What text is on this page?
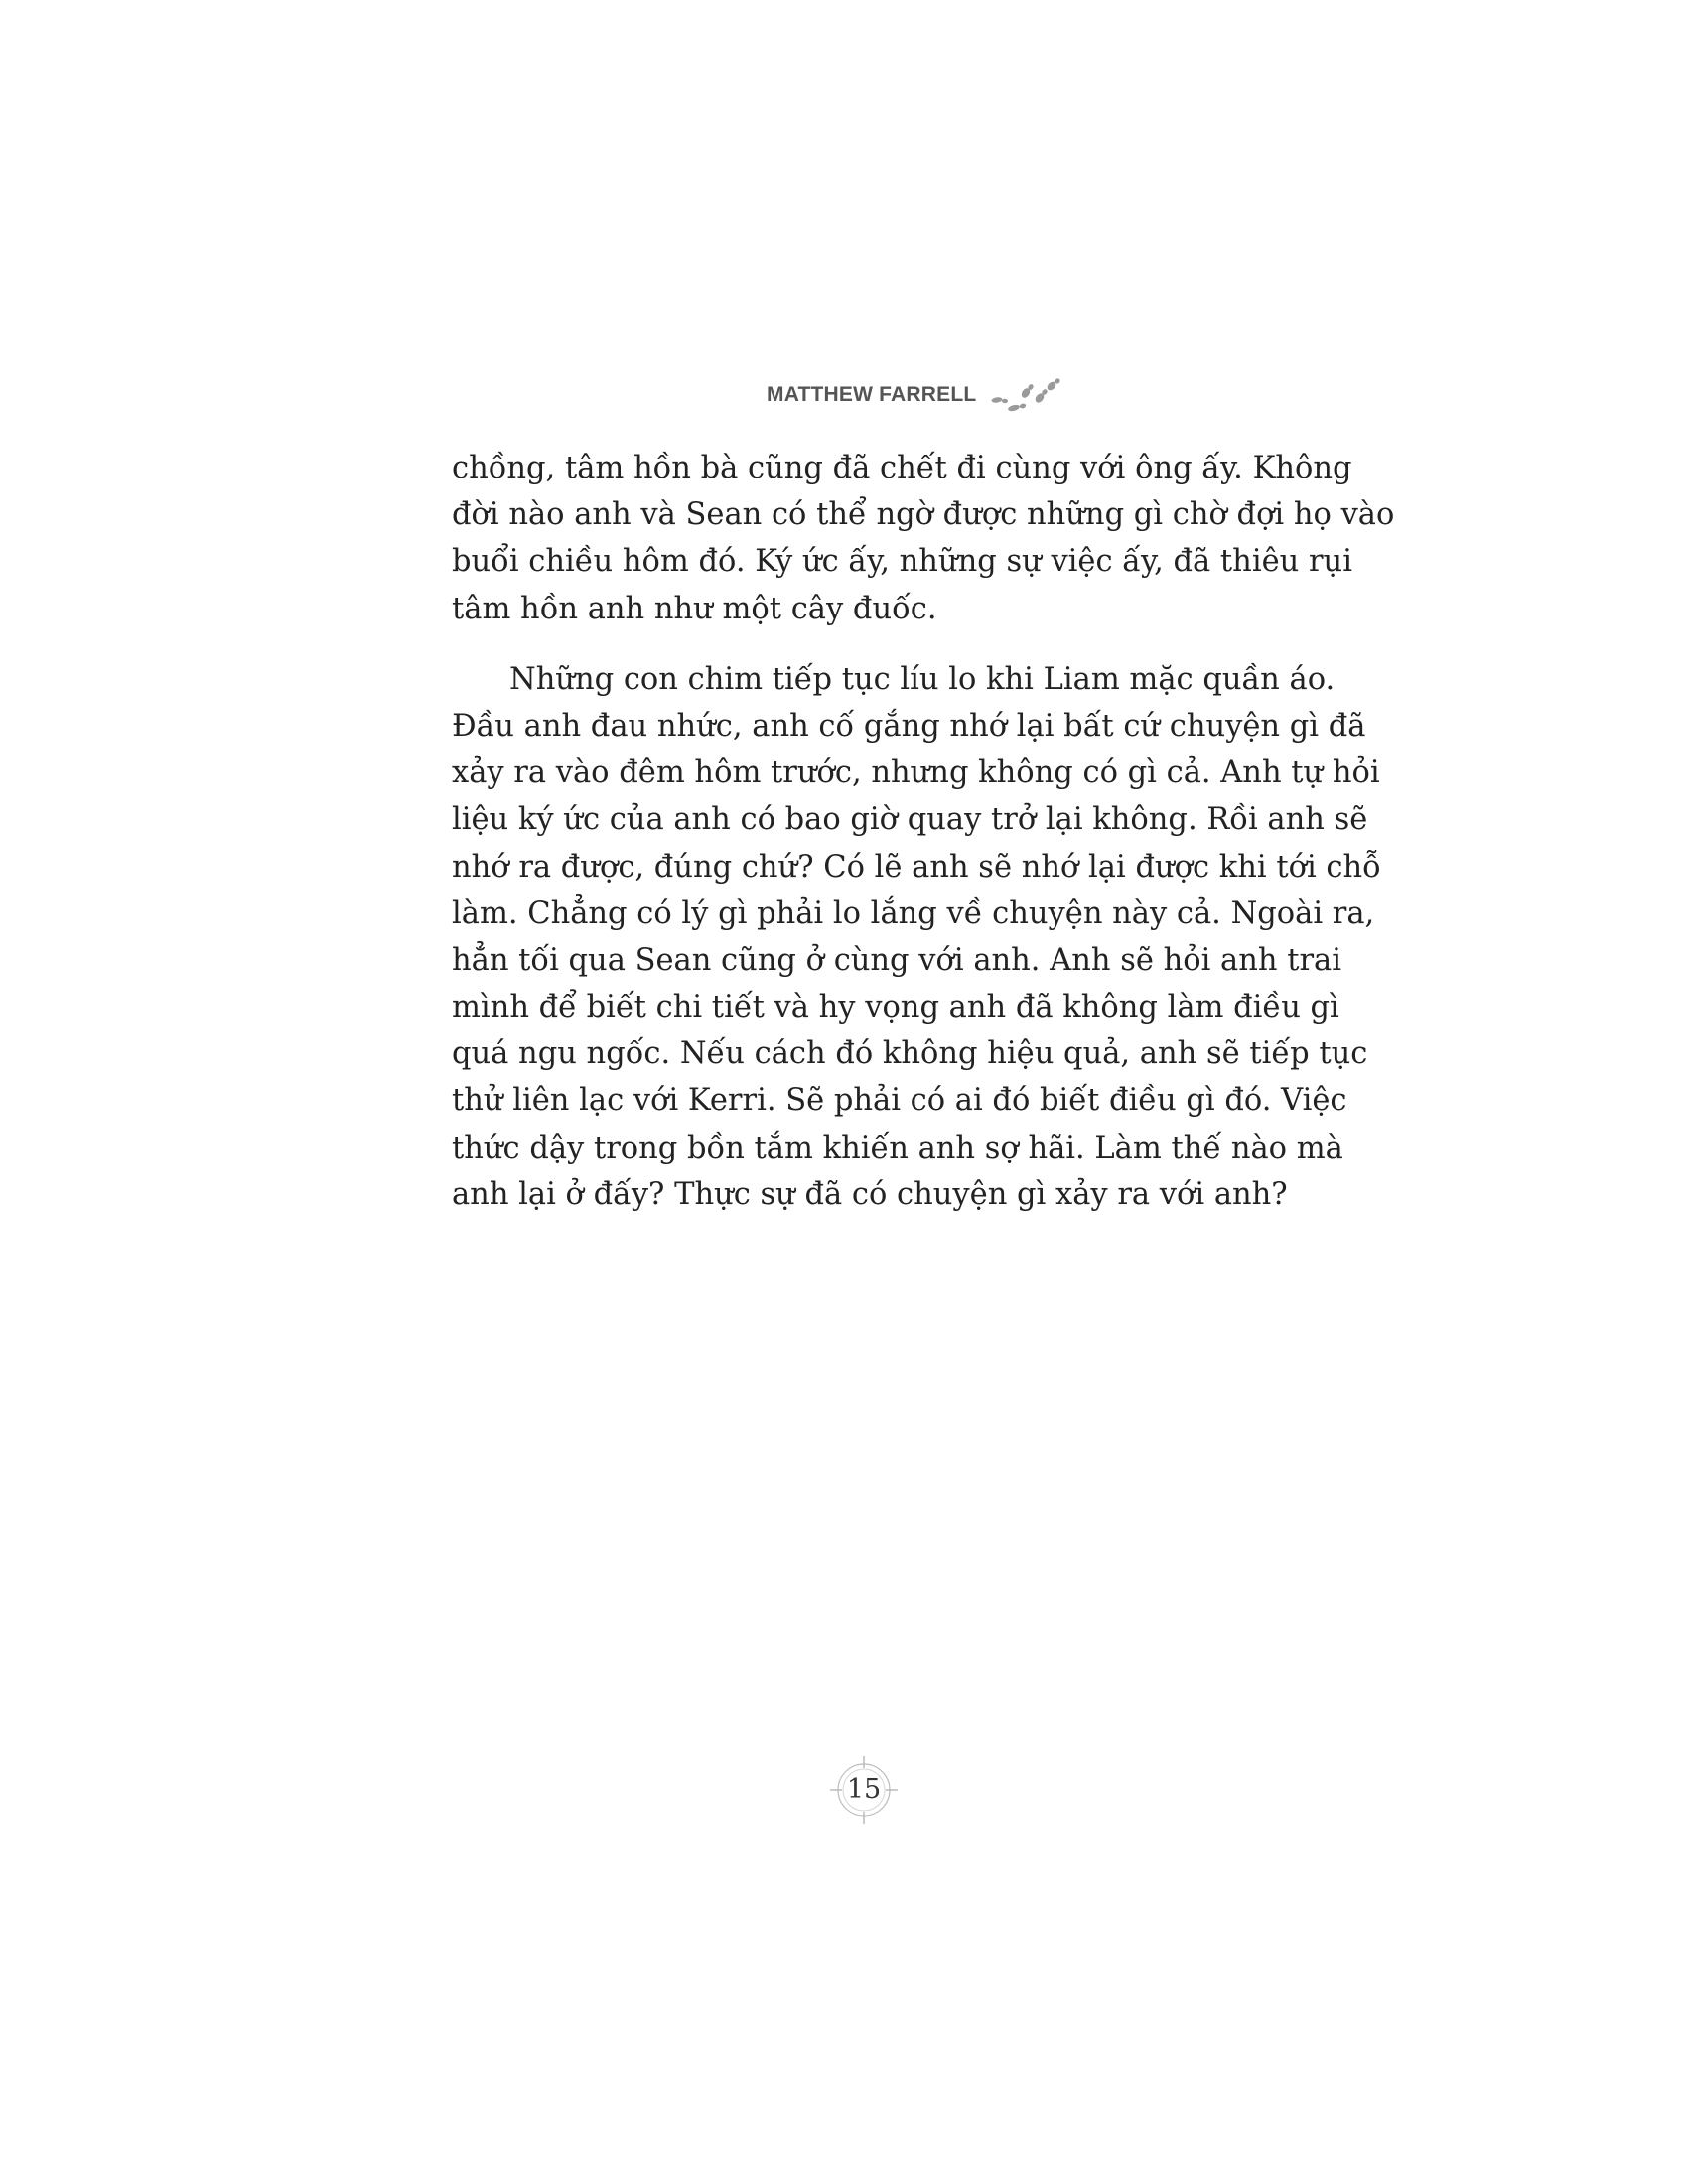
MATTHEW FARRELL
chồng, tâm hồn bà cũng đã chết đi cùng với ông ấy. Không
đời nào anh và Sean có thể ngờ được những gì chờ đợi họ vào
buổi chiều hôm đó. Ký ức ấy, những sự việc ấy, đã thiêu rụi
tâm hồn anh như một cây đuốc.
Những con chim tiếp tục líu lo khi Liam mặc quần áo.
Đầu anh đau nhức, anh cố gắng nhớ lại bất cứ chuyện gì đã
xảy ra vào đêm hôm trước, nhưng không có gì cả. Anh tự hỏi
liệu ký ức của anh có bao giờ quay trở lại không. Rồi anh sẽ
nhớ ra được, đúng chứ? Có lẽ anh sẽ nhớ lại được khi tới chỗ
làm. Chẳng có lý gì phải lo lắng về chuyện này cả. Ngoài ra,
hẳn tối qua Sean cũng ở cùng với anh. Anh sẽ hỏi anh trai
mình để biết chi tiết và hy vọng anh đã không làm điều gì
quá ngu ngốc. Nếu cách đó không hiệu quả, anh sẽ tiếp tục
thử liên lạc với Kerri. Sẽ phải có ai đó biết điều gì đó. Việc
thức dậy trong bồn tắm khiến anh sợ hãi. Làm thế nào mà
anh lại ở đấy? Thực sự đã có chuyện gì xảy ra với anh?
15
